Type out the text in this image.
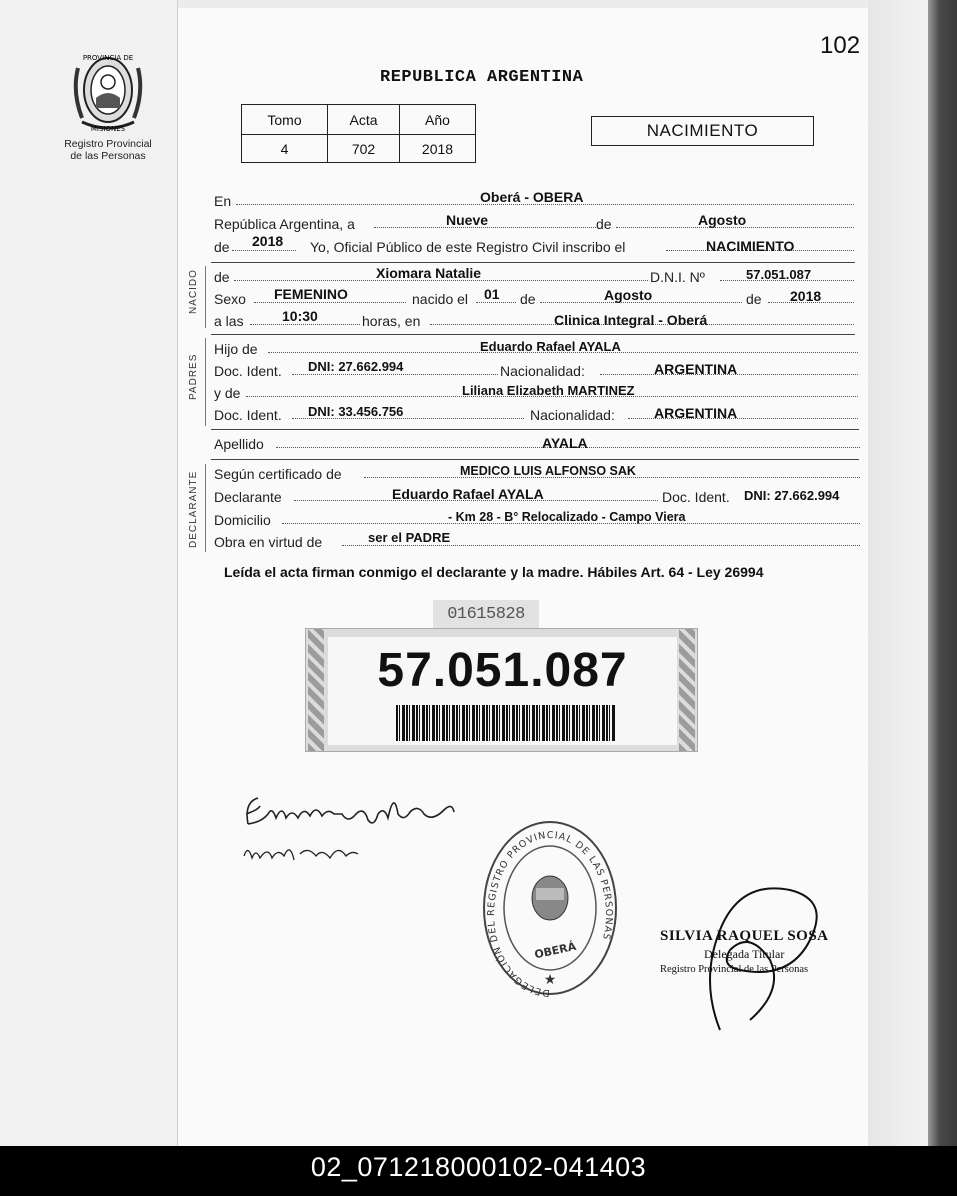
PROVINCIA DE
MISIONES
Registro Provincial
de las Personas
102
REPUBLICA ARGENTINA
Tomo	Acta	Año
4	702	2018
NACIMIENTO
NACIDO
PADRES
DECLARANTE
En	Oberá - OBERA
República Argentina, a	Nueve	de	Agosto
de 2018 Yo, Oficial Público de este Registro Civil inscribo el	NACIMIENTO
de	Xiomara Natalie	D.N.I. Nº	57.051.087
Sexo FEMENINO	nacido el 01 de	Agosto	de 2018
a las	10:30	horas, en	Clinica Integral - Oberá
Hijo de	Eduardo Rafael AYALA
Doc. Ident. DNI: 27.662.994	Nacionalidad:	ARGENTINA
y de	Liliana Elizabeth MARTINEZ
Doc. Ident. DNI: 33.456.756	Nacionalidad:	ARGENTINA
Apellido	AYALA
Según certificado de	MEDICO LUIS ALFONSO SAK
Declarante	Eduardo Rafael AYALA	Doc. Ident. DNI: 27.662.994
Domicilio	- Km 28 - B° Relocalizado - Campo Viera
Obra en virtud de	ser el PADRE
Leída el acta firman conmigo el declarante y la madre. Hábiles Art. 64 - Ley 26994
01615828
57.051.087
DELEGACIÓN DEL REGISTRO PROVINCIAL DE LAS PERSONAS
OBERÁ
★
SILVIA RAQUEL SOSA
Delegada Titular
Registro Provincial de las Personas
02_071218000102-041403
